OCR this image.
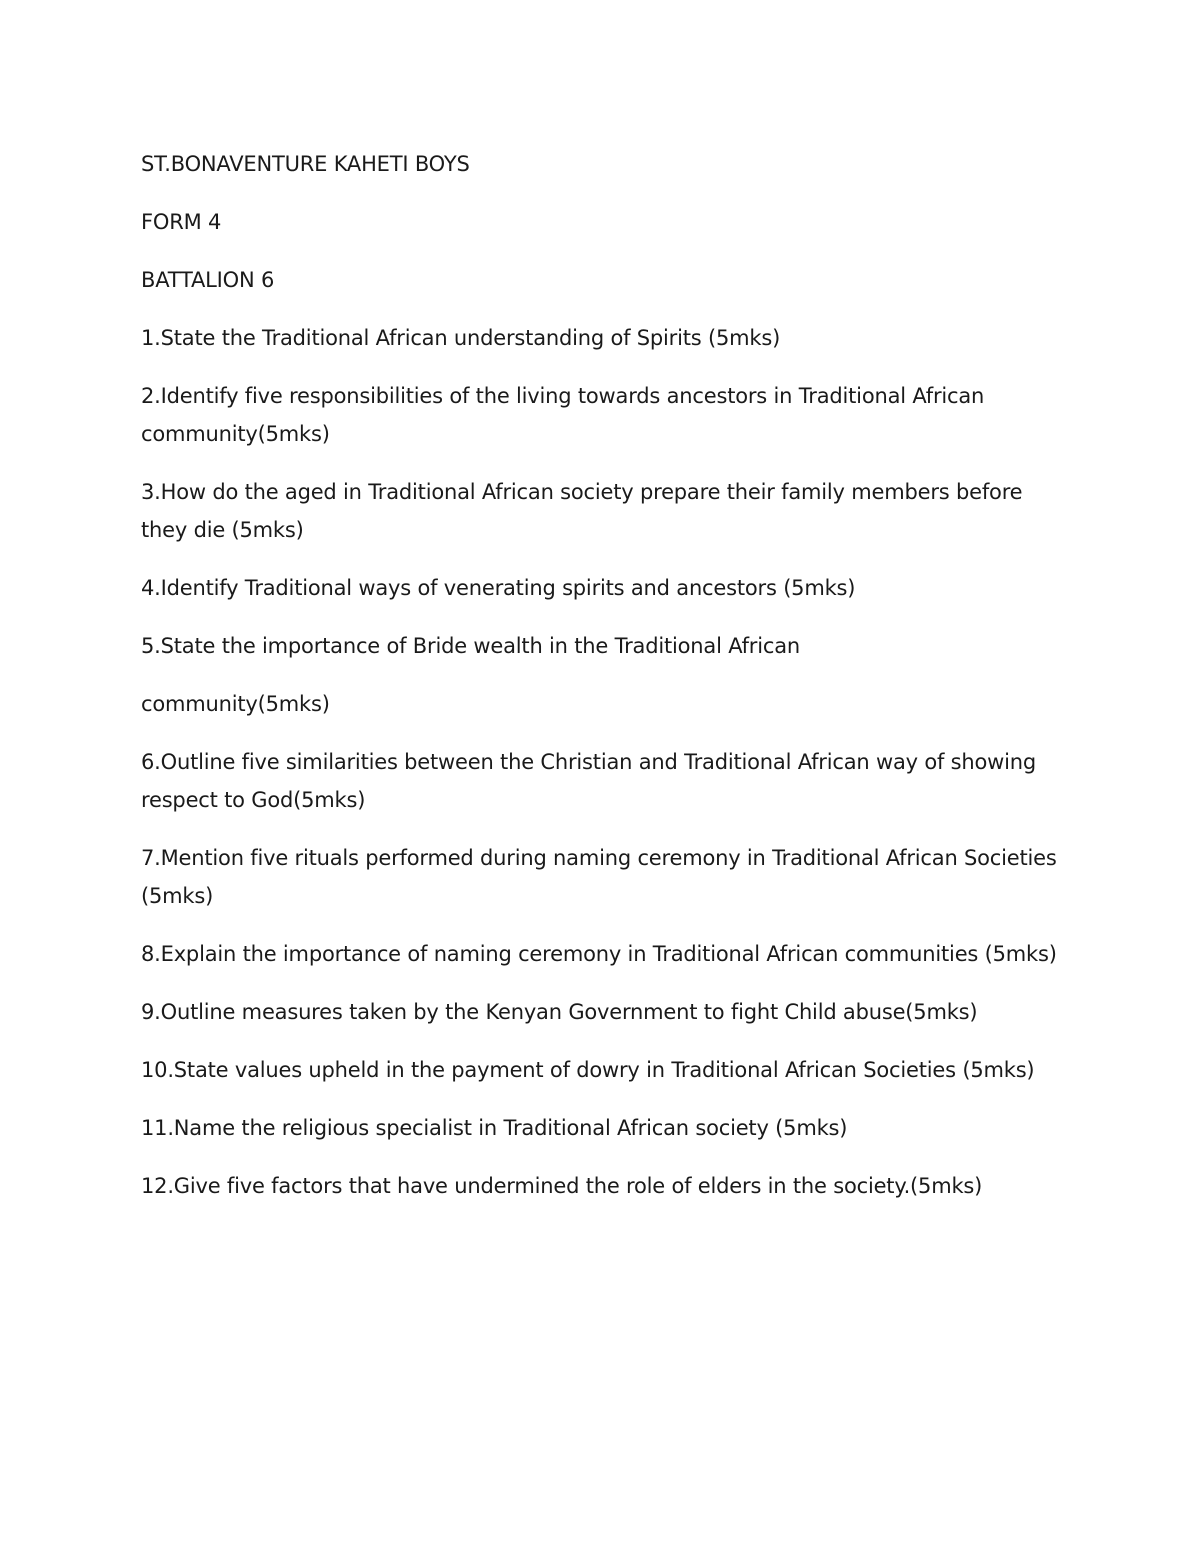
ST.BONAVENTURE KAHETI BOYS

FORM 4

BATTALION 6

1.State the Traditional African understanding of Spirits (5mks)

2.Identify five responsibilities of the living towards ancestors in Traditional African community(5mks)

3.How do the aged in Traditional African society prepare their family members before they die (5mks)

4.Identify Traditional ways of venerating spirits and ancestors (5mks)

5.State the importance of Bride wealth in the Traditional African

community(5mks)

6.Outline five similarities between the Christian and Traditional African way of showing respect to God(5mks)

7.Mention five rituals performed during naming ceremony in Traditional African Societies (5mks)

8.Explain the importance of naming ceremony in Traditional African communities (5mks)

9.Outline measures taken by the Kenyan Government to fight Child abuse(5mks)

10.State values upheld in the payment of dowry in Traditional African Societies (5mks)

11.Name the religious specialist in Traditional African society (5mks)

12.Give five factors that have undermined the role of elders in the society.(5mks)
